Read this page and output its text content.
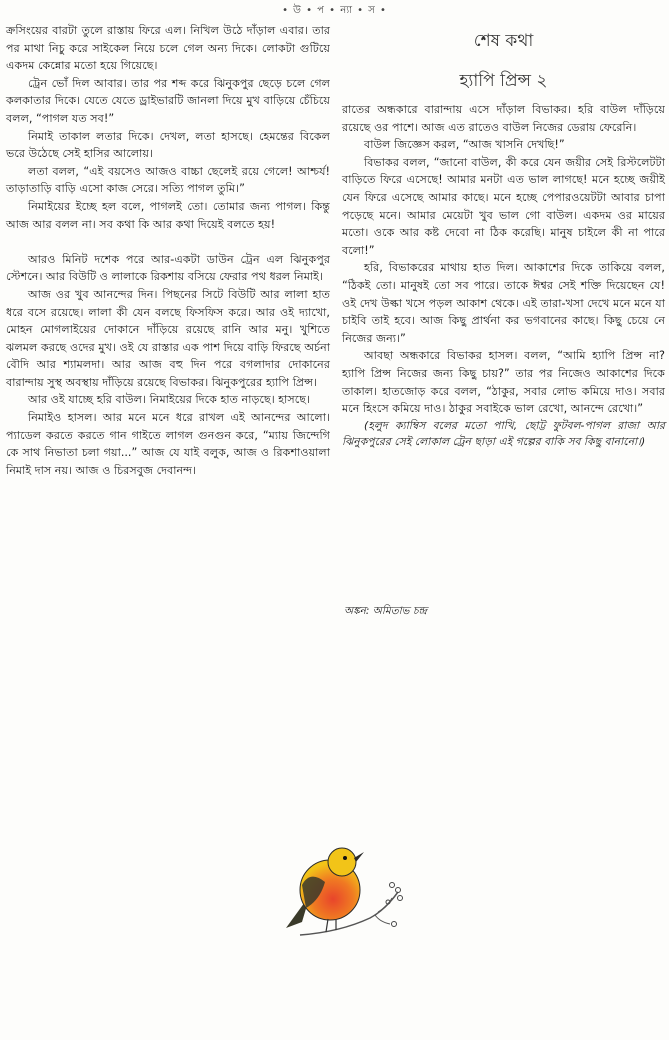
• উ • প • ন্যা • স •

ক্রসিংয়ের বারটা তুলে রাস্তায় ফিরে এল। নিখিল উঠে দাঁড়াল এবার। তার পর মাথা নিচু করে সাইকেল নিয়ে চলে গেল অন্য দিকে। লোকটা গুটিয়ে একদম কেন্নোর মতো হয়ে গিয়েছে।

ট্রেন ভোঁ দিল আবার। তার পর শব্দ করে ঝিনুকপুর ছেড়ে চলে গেল কলকাতার দিকে। যেতে যেতে ড্রাইভারটি জানলা দিয়ে মুখ বাড়িয়ে চেঁচিয়ে বলল, “পাগল যত সব!”

নিমাই তাকাল লতার দিকে। দেখল, লতা হাসছে। হেমন্তের বিকেল ভরে উঠেছে সেই হাসির আলোয়।

লতা বলল, “এই বয়সেও আজও বাচ্চা ছেলেই রয়ে গেলে! আশ্চর্য! তাড়াতাড়ি বাড়ি এসো কাজ সেরে। সত্যি পাগল তুমি।”

নিমাইয়ের ইচ্ছে হল বলে, পাগলই তো। তোমার জন্য পাগল। কিন্তু আজ আর বলল না। সব কথা কি আর কথা দিয়েই বলতে হয়!

আরও মিনিট দশেক পরে আর-একটা ডাউন ট্রেন এল ঝিনুকপুর স্টেশনে। আর বিউটি ও লালাকে রিকশায় বসিয়ে ফেরার পথ ধরল নিমাই।

আজ ওর খুব আনন্দের দিন। পিছনের সিটে বিউটি আর লালা হাত ধরে বসে রয়েছে। লালা কী যেন বলছে ফিসফিস করে। আর ওই দ্যাখো, মোহন মোগলাইয়ের দোকানে দাঁড়িয়ে রয়েছে রানি আর মনু। খুশিতে ঝলমল করছে ওদের মুখ। ওই যে রাস্তার এক পাশ দিয়ে বাড়ি ফিরছে অর্চনা বৌদি আর শ্যামলদা। আর আজ বহু দিন পরে বগলাদার দোকানের বারান্দায় সুস্থ অবস্থায় দাঁড়িয়ে রয়েছে বিভাকর। ঝিনুকপুরের হ্যাপি প্রিন্স।

আর ওই যাচ্ছে হরি বাউল। নিমাইয়ের দিকে হাত নাড়ছে। হাসছে।

নিমাইও হাসল। আর মনে মনে ধরে রাখল এই আনন্দের আলো। প্যাডেল করতে করতে গান গাইতে লাগল গুনগুন করে, “ম্যায় জিন্দেগি কে সাথ নিভাতা চলা গয়া...” আজ যে যাই বলুক, আজ ও রিকশাওয়ালা নিমাই দাস নয়। আজ ও চিরসবুজ দেবানন্দ।

শেষ কথা
হ্যাপি প্রিন্স ২

রাতের অন্ধকারে বারান্দায় এসে দাঁড়াল বিভাকর। হরি বাউল দাঁড়িয়ে রয়েছে ওর পাশে। আজ এত রাতেও বাউল নিজের ডেরায় ফেরেনি।

বাউল জিজ্ঞেস করল, “আজ খাসনি দেখছি!”

বিভাকর বলল, “জানো বাউল, কী করে যেন জয়ীর সেই রিস্টলেটটা বাড়িতে ফিরে এসেছে! আমার মনটা এত ভাল লাগছে! মনে হচ্ছে জয়ীই যেন ফিরে এসেছে আমার কাছে। মনে হচ্ছে পেপারওয়েটটা আবার চাপা পড়েছে মনে। আমার মেয়েটা খুব ভাল গো বাউল। একদম ওর মায়ের মতো। ওকে আর কষ্ট দেবো না ঠিক করেছি। মানুষ চাইলে কী না পারে বলো!”

হরি, বিভাকরের মাথায় হাত দিল। আকাশের দিকে তাকিয়ে বলল, “ঠিকই তো। মানুষই তো সব পারে। তাকে ঈশ্বর সেই শক্তি দিয়েছেন যে! ওই দেখ উল্কা খসে পড়ল আকাশ থেকে। এই তারা-খসা দেখে মনে মনে যা চাইবি তাই হবে। আজ কিছু প্রার্থনা কর ভগবানের কাছে। কিছু চেয়ে নে নিজের জন্য।”

আবছা অন্ধকারে বিভাকর হাসল। বলল, “আমি হ্যাপি প্রিন্স না? হ্যাপি প্রিন্স নিজের জন্য কিছু চায়?” তার পর নিজেও আকাশের দিকে তাকাল। হাতজোড় করে বলল, “ঠাকুর, সবার লোভ কমিয়ে দাও। সবার মনে হিংসে কমিয়ে দাও। ঠাকুর সবাইকে ভাল রেখো, আনন্দে রেখো।”

(হলুদ ক্যাম্বিস বলের মতো পাখি, ছোট্ট ফুটবল-পাগল রাজা আর ঝিনুকপুরের সেই লোকাল ট্রেন ছাড়া এই গল্পের বাকি সব কিছু বানানো।)

অঙ্কন: অমিতাভ চন্দ্র
